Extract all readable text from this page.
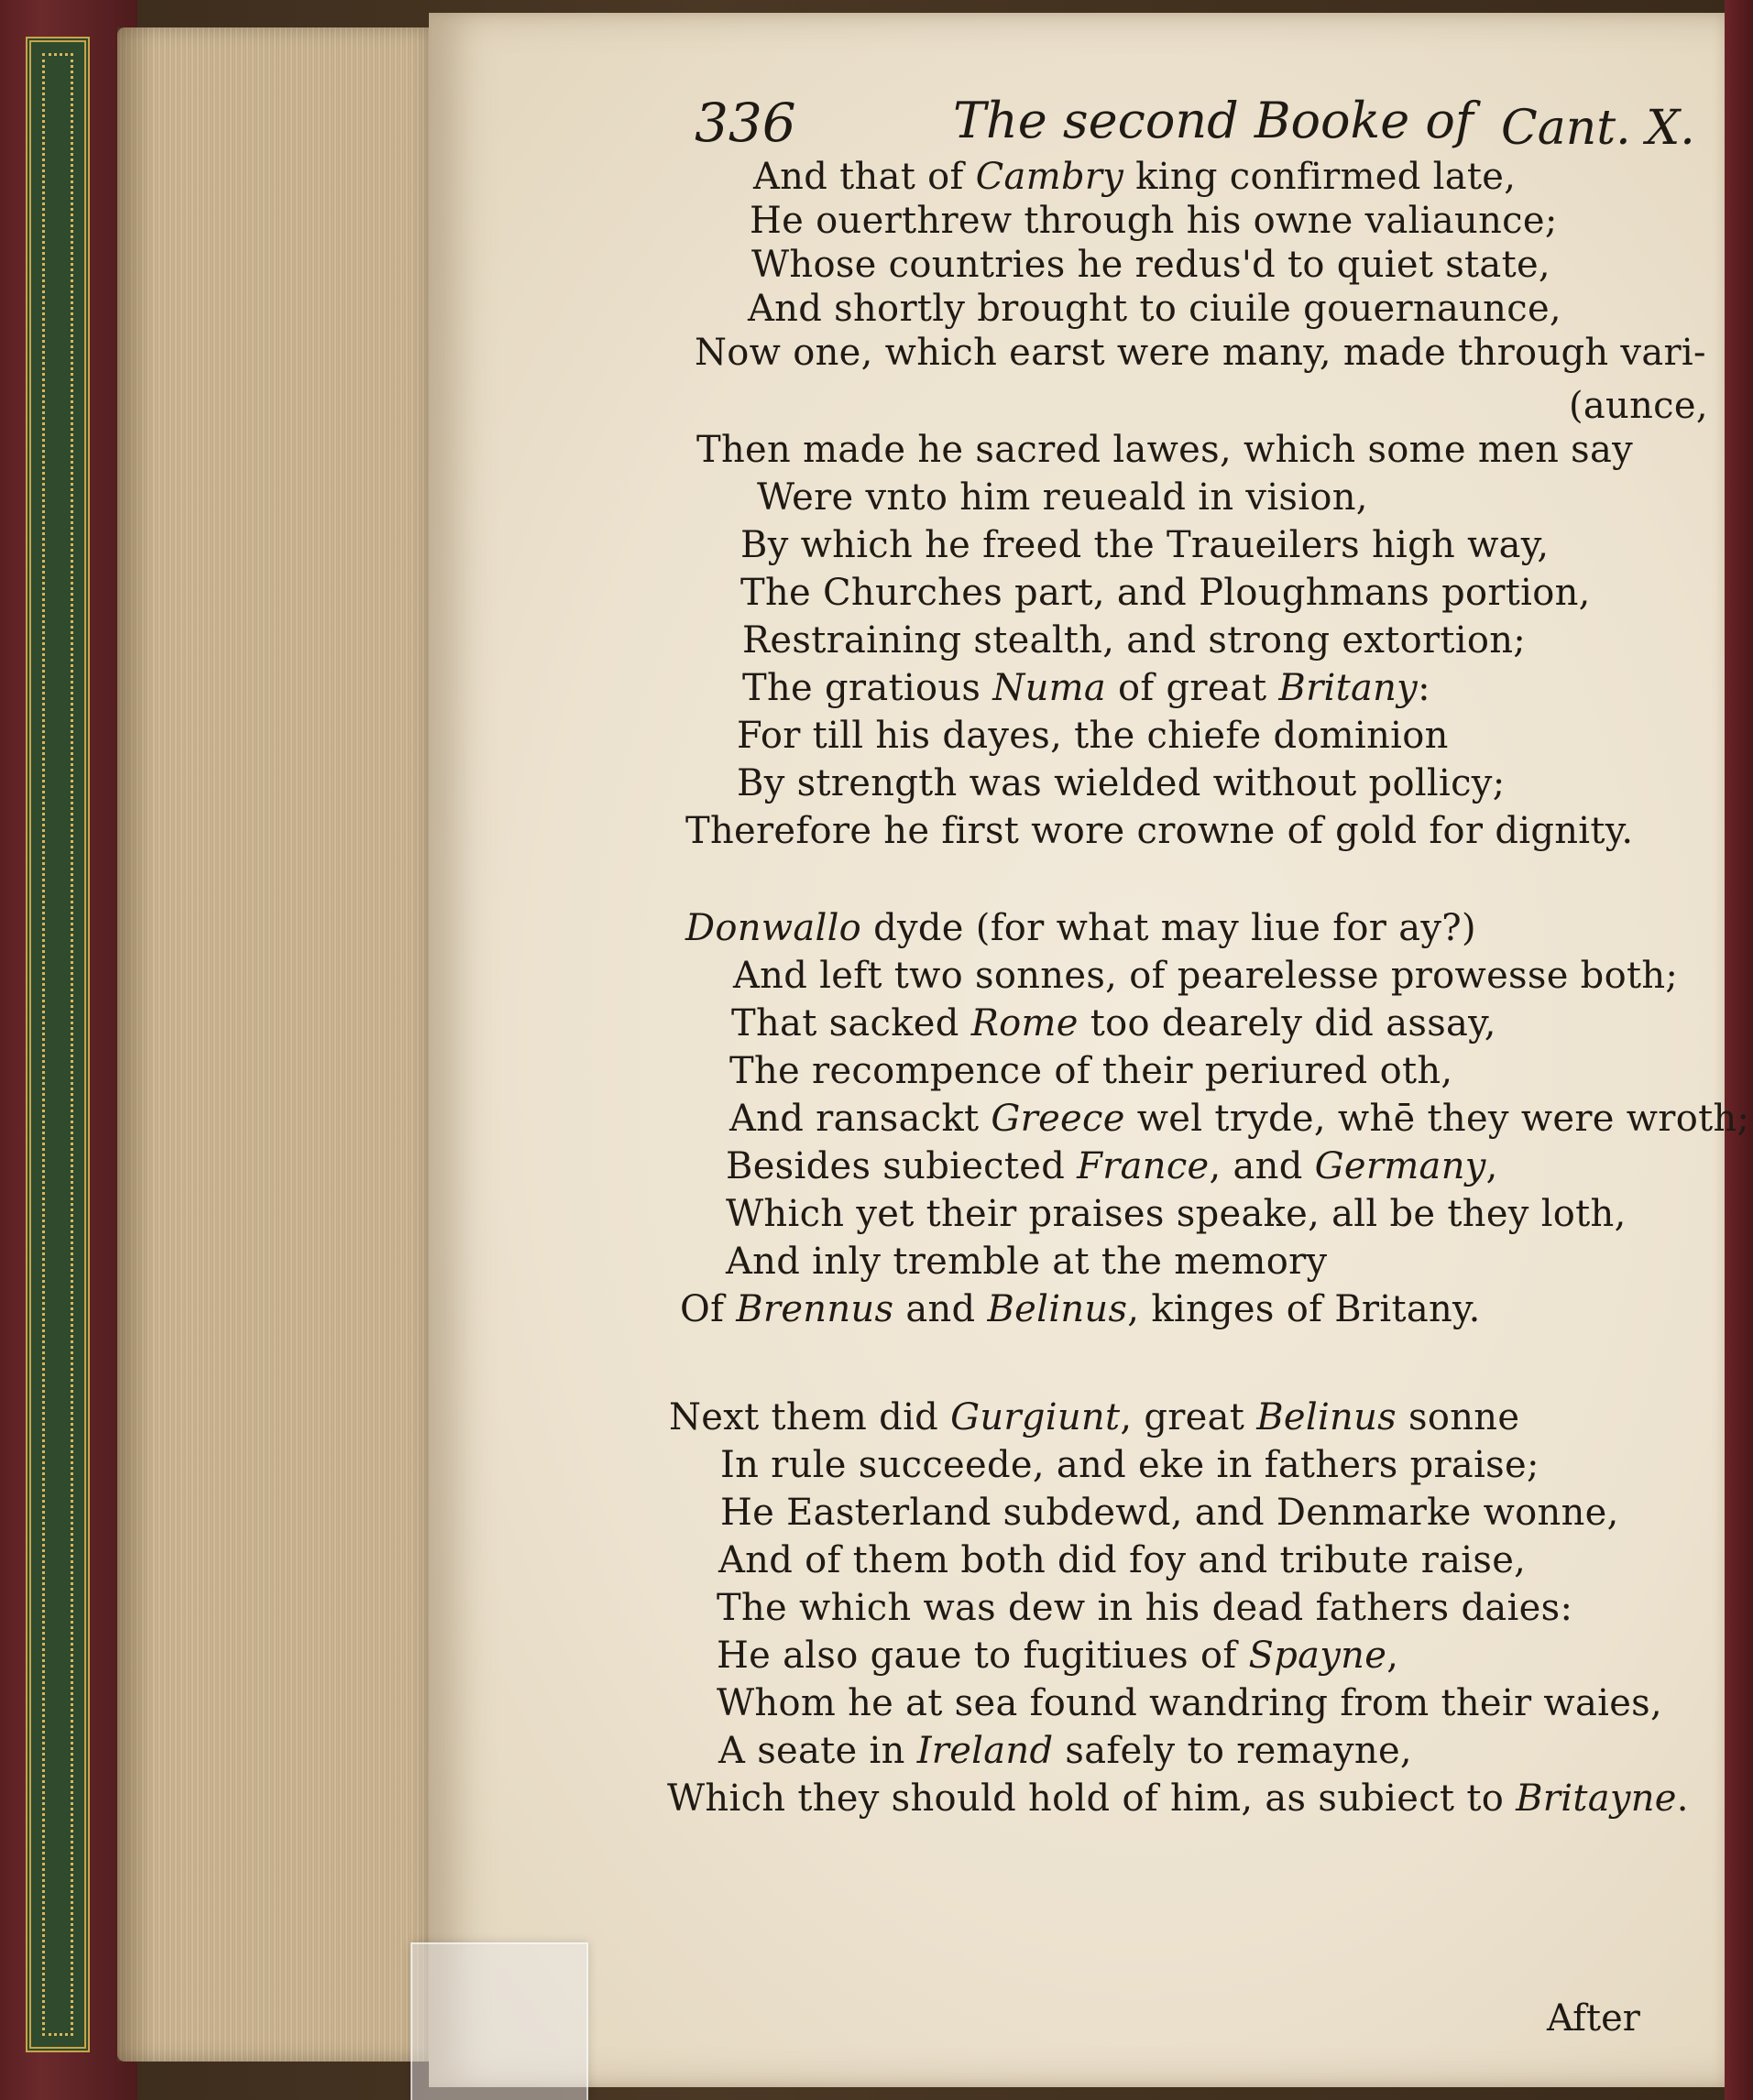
336	The second Booke of Cant. X.
And that of Cambry king confirmed late,
He ouerthrew through his owne valiaunce;
Whose countries he redus'd to quiet state,
And shortly brought to ciuile gouernaunce,
Now one, which earst were many, made through vari-
(aunce,
Then made he sacred lawes, which some men say
Were vnto him reueald in vision,
By which he freed the Traueilers high way,
The Churches part, and Ploughmans portion,
Restraining stealth, and strong extortion;
The gratious Numa of great Britany:
For till his dayes, the chiefe dominion
By strength was wielded without pollicy;
Therefore he first wore crowne of gold for dignity.
Donwallo dyde (for what may liue for ay?)
And left two sonnes, of pearelesse prowesse both;
That sacked Rome too dearely did assay,
The recompence of their periured oth,
And ransackt Greece wel tryde, whē they were wroth;
Besides subiected France, and Germany,
Which yet their praises speake, all be they loth,
And inly tremble at the memory
Of Brennus and Belinus, kinges of Britany.
Next them did Gurgiunt, great Belinus sonne
In rule succeede, and eke in fathers praise;
He Easterland subdewd, and Denmarke wonne,
And of them both did foy and tribute raise,
The which was dew in his dead fathers daies:
He also gaue to fugitiues of Spayne,
Whom he at sea found wandring from their waies,
A seate in Ireland safely to remayne,
Which they should hold of him, as subiect to Britayne.
After
